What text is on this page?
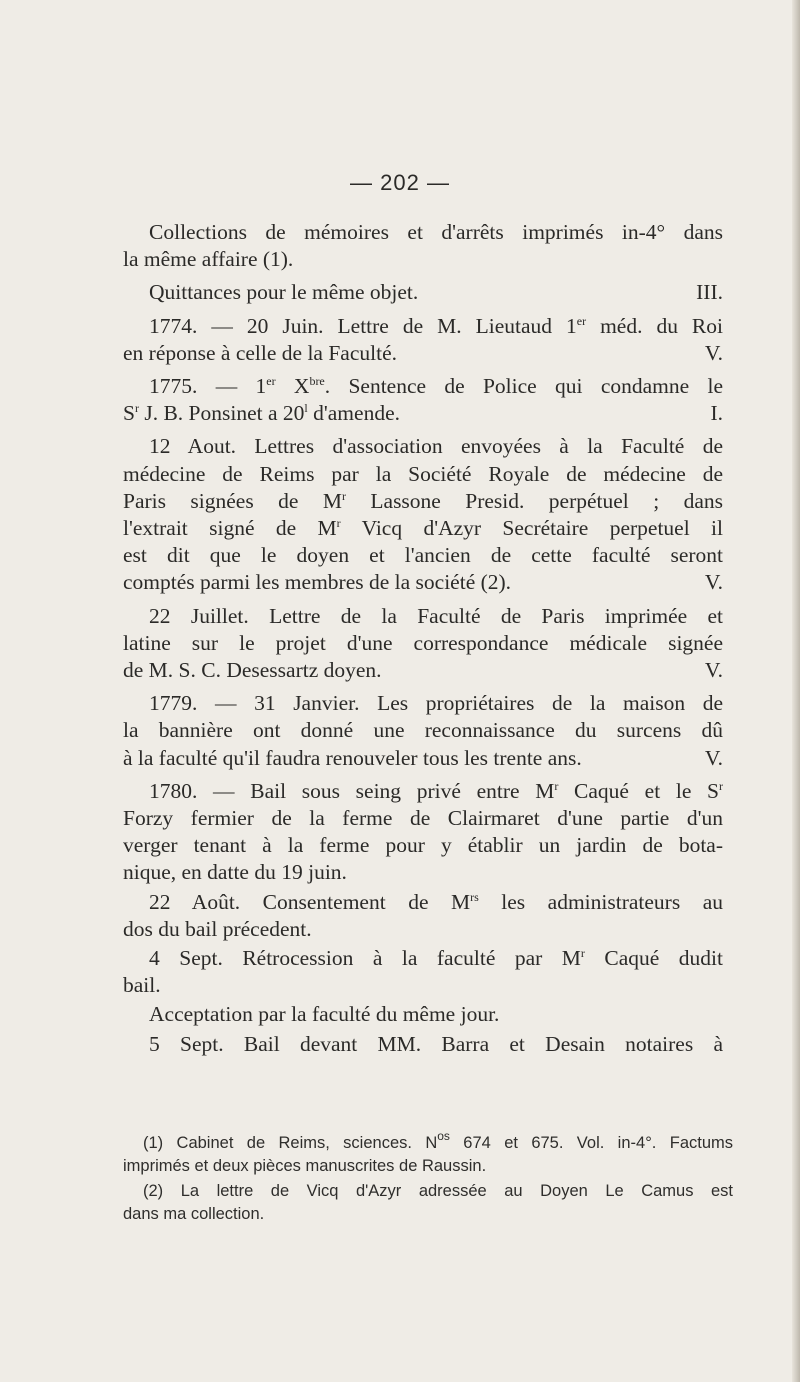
— 202 —
Collections de mémoires et d'arrêts imprimés in-4° dans
la même affaire (1).
Quittances pour le même objet.	III.
1774. — 20 Juin. Lettre de M. Lieutaud 1er méd. du Roi
en réponse à celle de la Faculté.	V.
1775. — 1er $X^{bre}$. Sentence de Police qui condamne le
$S^r$ J. B. Ponsinet a 20$^l$ d'amende.	I.
12 Aout. Lettres d'association envoyées à la Faculté de
médecine de Reims par la Société Royale de médecine de
Paris signées de $M^r$ Lassone Presid. perpétuel ; dans
l'extrait signé de $M^r$ Vicq d'Azyr Secrétaire perpetuel il
est dit que le doyen et l'ancien de cette faculté seront
comptés parmi les membres de la société (2).	V.
22 Juillet. Lettre de la Faculté de Paris imprimée et
latine sur le projet d'une correspondance médicale signée
de M. S. C. Desessartz doyen.	V.
1779. — 31 Janvier. Les propriétaires de la maison de
la bannière ont donné une reconnaissance du surcens dû
à la faculté qu'il faudra renouveler tous les trente ans.	V.
1780. — Bail sous seing privé entre $M^r$ Caqué et le $S^r$
Forzy fermier de la ferme de Clairmaret d'une partie d'un
verger tenant à la ferme pour y établir un jardin de bota-
nique, en datte du 19 juin.
22 Août. Consentement de $M^{rs}$ les administrateurs au
dos du bail précedent.
4 Sept. Rétrocession à la faculté par $M^r$ Caqué dudit
bail.
Acceptation par la faculté du même jour.
5 Sept. Bail devant MM. Barra et Desain notaires à
(1) Cabinet de Reims, sciences. $N^{os}$ 674 et 675. Vol. in-4°. Factums
imprimés et deux pièces manuscrites de Raussin.
(2) La lettre de Vicq d'Azyr adressée au Doyen Le Camus est
dans ma collection.
